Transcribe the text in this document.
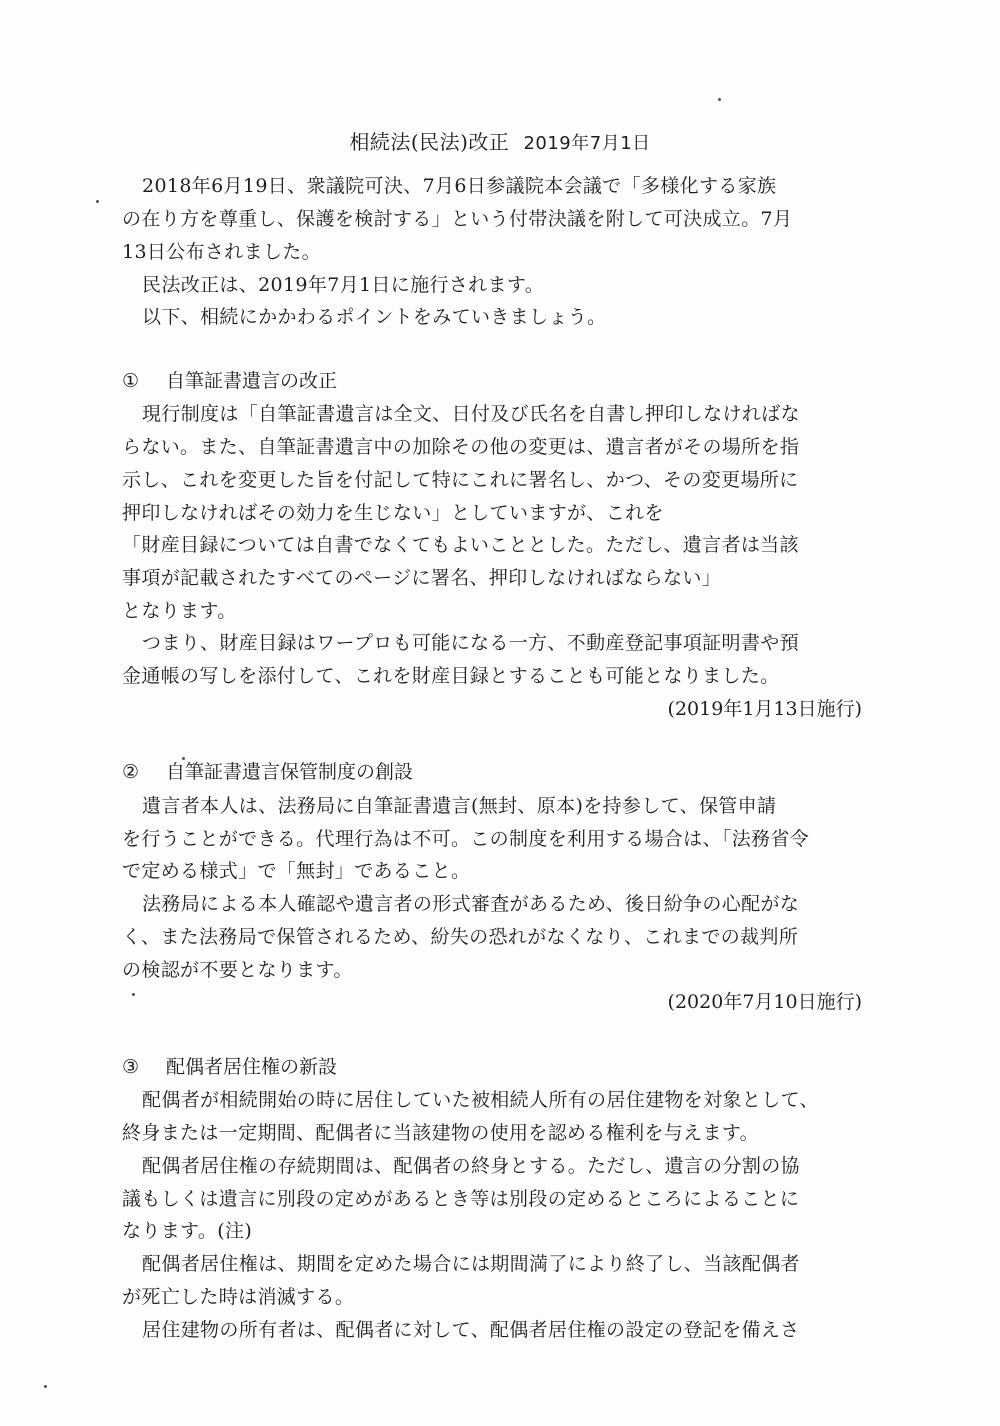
相続法(民法)改正 2019年7月1日

2018年6月19日、衆議院可決、7月6日参議院本会議で「多様化する家族

の在り方を尊重し、保護を検討する」という付帯決議を附して可決成立。7月

13日公布されました。

民法改正は、2019年7月1日に施行されます。

以下、相続にかかわるポイントをみていきましょう。

① 自筆証書遺言の改正

現行制度は「自筆証書遺言は全文、日付及び氏名を自書し押印しなければな

らない。また、自筆証書遺言中の加除その他の変更は、遺言者がその場所を指

示し、これを変更した旨を付記して特にこれに署名し、かつ、その変更場所に

押印しなければその効力を生じない」としていますが、これを

「財産目録については自書でなくてもよいこととした。ただし、遺言者は当該

事項が記載されたすべてのページに署名、押印しなければならない」

となります。

つまり、財産目録はワープロも可能になる一方、不動産登記事項証明書や預

金通帳の写しを添付して、これを財産目録とすることも可能となりました。

(2019年1月13日施行)

② 自筆証書遺言保管制度の創設

遺言者本人は、法務局に自筆証書遺言(無封、原本)を持参して、保管申請

を行うことができる。代理行為は不可。この制度を利用する場合は、「法務省令

で定める様式」で「無封」であること。

法務局による本人確認や遺言者の形式審査があるため、後日紛争の心配がな

く、また法務局で保管されるため、紛失の恐れがなくなり、これまでの裁判所

の検認が不要となります。

(2020年7月10日施行)

③ 配偶者居住権の新設

配偶者が相続開始の時に居住していた被相続人所有の居住建物を対象として、

終身または一定期間、配偶者に当該建物の使用を認める権利を与えます。

配偶者居住権の存続期間は、配偶者の終身とする。ただし、遺言の分割の協

議もしくは遺言に別段の定めがあるとき等は別段の定めるところによることに

なります。(注)

配偶者居住権は、期間を定めた場合には期間満了により終了し、当該配偶者

が死亡した時は消滅する。

居住建物の所有者は、配偶者に対して、配偶者居住権の設定の登記を備えさ
